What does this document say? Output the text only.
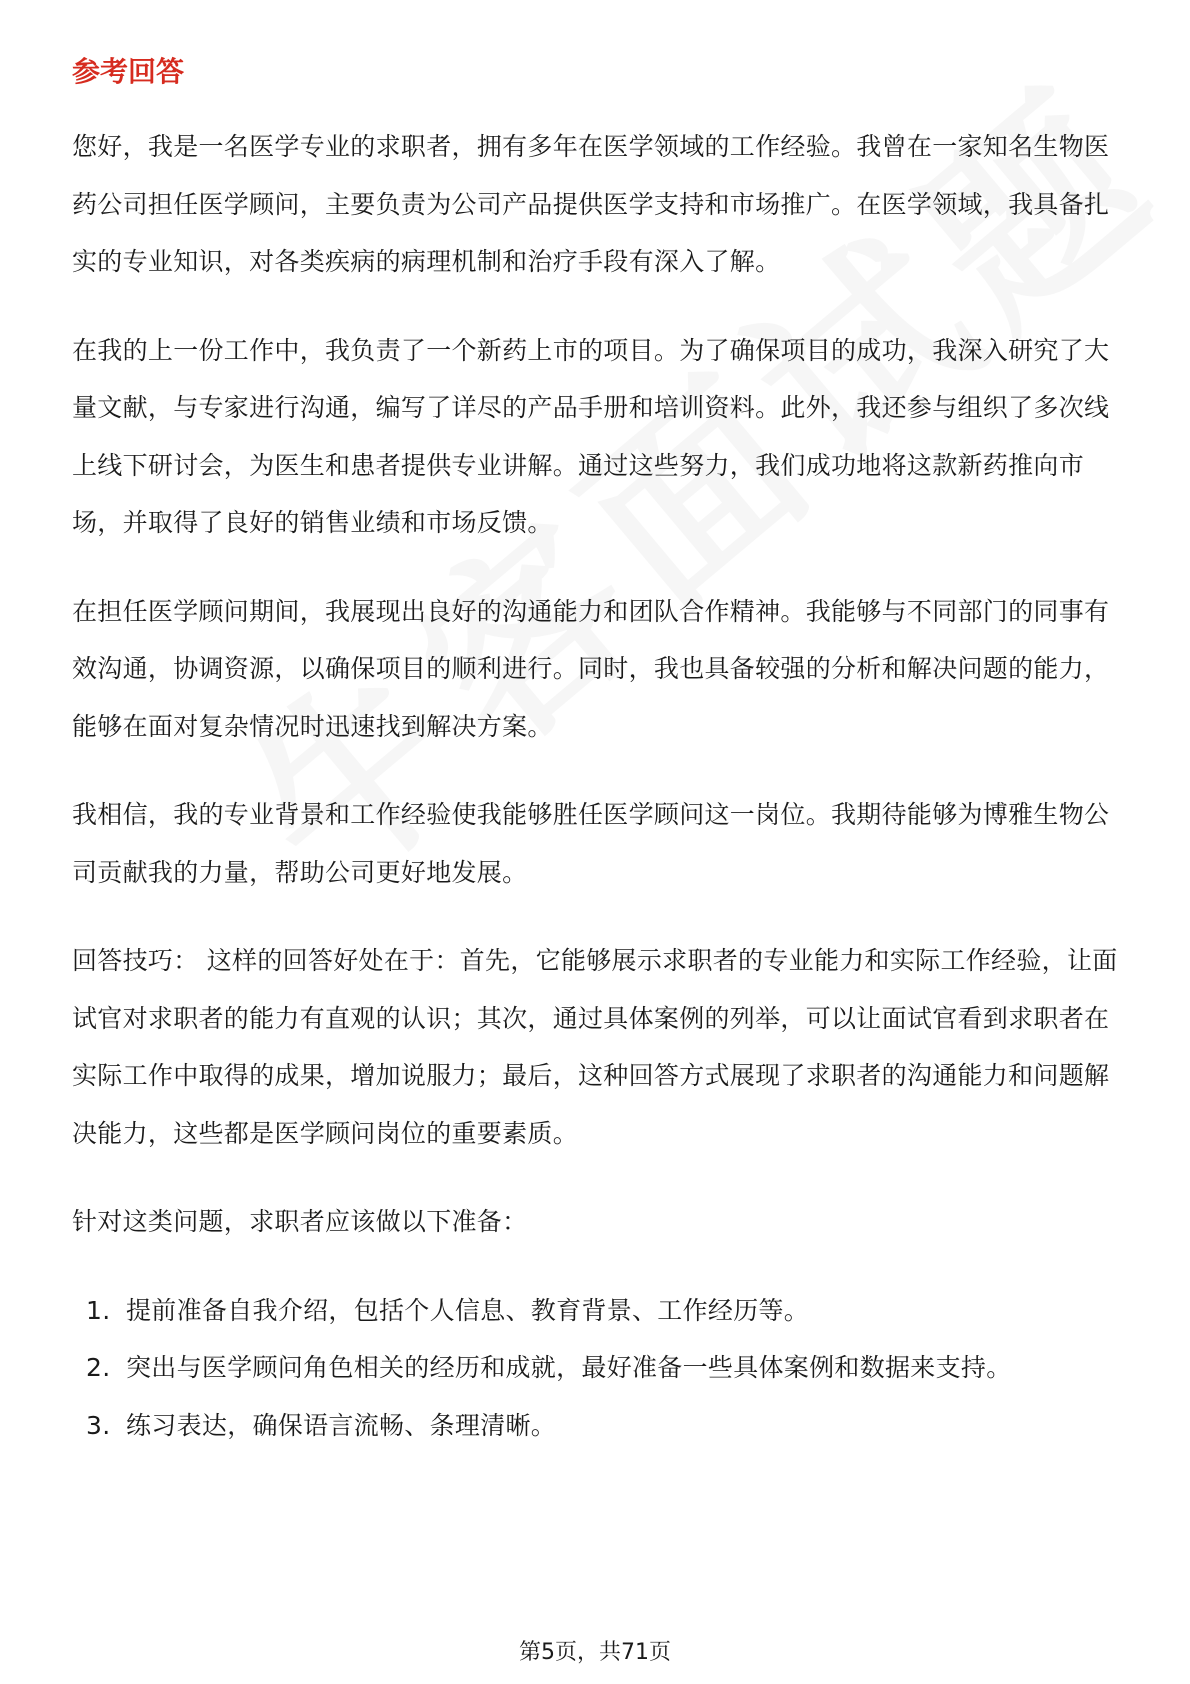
参考回答

您好，我是一名医学专业的求职者，拥有多年在医学领域的工作经验。我曾在一家知名生物医药公司担任医学顾问，主要负责为公司产品提供医学支持和市场推广。在医学领域，我具备扎实的专业知识，对各类疾病的病理机制和治疗手段有深入了解。

在我的上一份工作中，我负责了一个新药上市的项目。为了确保项目的成功，我深入研究了大量文献，与专家进行沟通，编写了详尽的产品手册和培训资料。此外，我还参与组织了多次线上线下研讨会，为医生和患者提供专业讲解。通过这些努力，我们成功地将这款新药推向市场，并取得了良好的销售业绩和市场反馈。

在担任医学顾问期间，我展现出良好的沟通能力和团队合作精神。我能够与不同部门的同事有效沟通，协调资源，以确保项目的顺利进行。同时，我也具备较强的分析和解决问题的能力，能够在面对复杂情况时迅速找到解决方案。

我相信，我的专业背景和工作经验使我能够胜任医学顾问这一岗位。我期待能够为博雅生物公司贡献我的力量，帮助公司更好地发展。

回答技巧： 这样的回答好处在于：首先，它能够展示求职者的专业能力和实际工作经验，让面试官对求职者的能力有直观的认识；其次，通过具体案例的列举，可以让面试官看到求职者在实际工作中取得的成果，增加说服力；最后，这种回答方式展现了求职者的沟通能力和问题解决能力，这些都是医学顾问岗位的重要素质。

针对这类问题，求职者应该做以下准备：

1. 提前准备自我介绍，包括个人信息、教育背景、工作经历等。
2. 突出与医学顾问角色相关的经历和成就，最好准备一些具体案例和数据来支持。
3. 练习表达，确保语言流畅、条理清晰。
第5页，共71页
